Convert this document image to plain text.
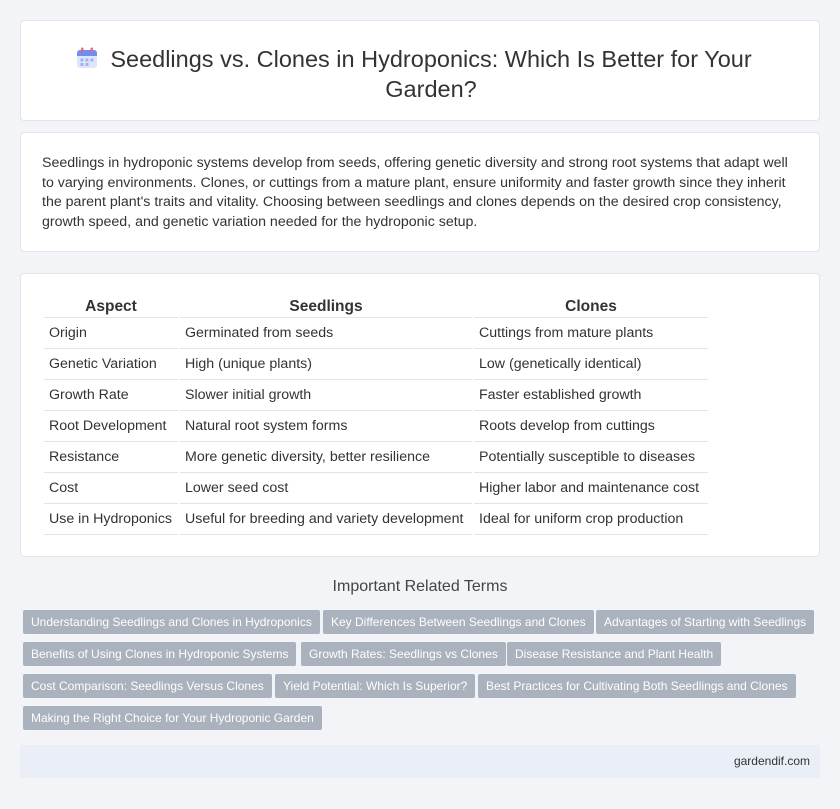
Seedlings vs. Clones in Hydroponics: Which Is Better for Your Garden?

Seedlings in hydroponic systems develop from seeds, offering genetic diversity and strong root systems that adapt well to varying environments. Clones, or cuttings from a mature plant, ensure uniformity and faster growth since they inherit the parent plant's traits and vitality. Choosing between seedlings and clones depends on the desired crop consistency, growth speed, and genetic variation needed for the hydroponic setup.

Aspect	Seedlings	Clones
Origin	Germinated from seeds	Cuttings from mature plants
Genetic Variation	High (unique plants)	Low (genetically identical)
Growth Rate	Slower initial growth	Faster established growth
Root Development	Natural root system forms	Roots develop from cuttings
Resistance	More genetic diversity, better resilience	Potentially susceptible to diseases
Cost	Lower seed cost	Higher labor and maintenance cost
Use in Hydroponics	Useful for breeding and variety development	Ideal for uniform crop production
Important Related Terms
Understanding Seedlings and Clones in Hydroponics	Key Differences Between Seedlings and Clones	Advantages of Starting with Seedlings
Benefits of Using Clones in Hydroponic Systems	Growth Rates: Seedlings vs Clones	Disease Resistance and Plant Health
Cost Comparison: Seedlings Versus Clones	Yield Potential: Which Is Superior?	Best Practices for Cultivating Both Seedlings and Clones
Making the Right Choice for Your Hydroponic Garden
gardendif.com
